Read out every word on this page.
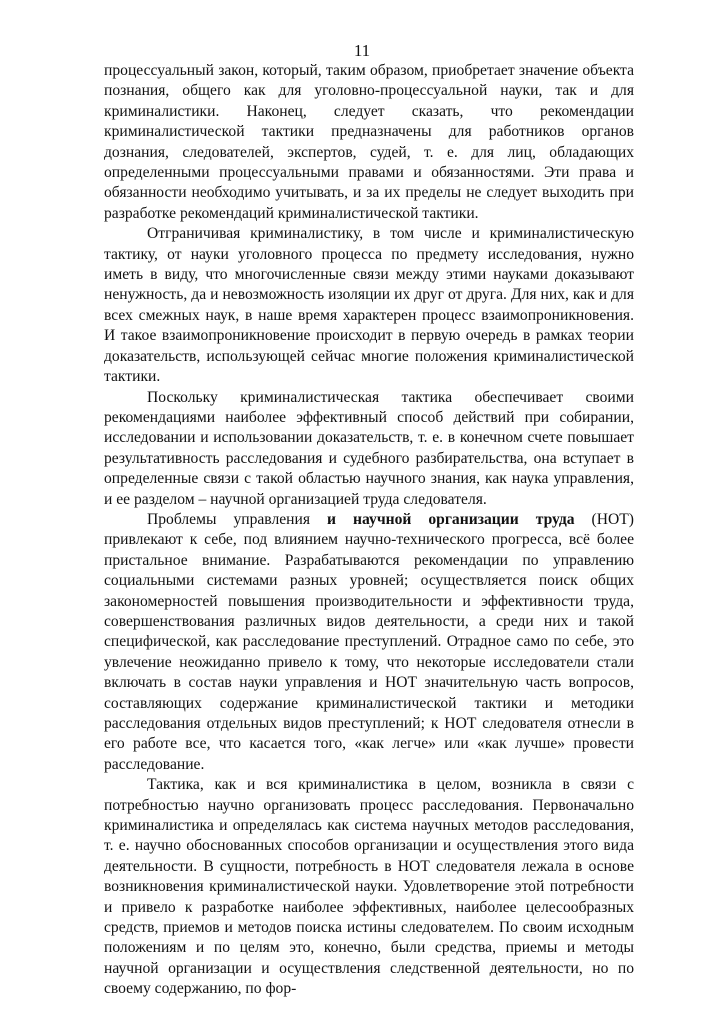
11

процессуальный закон, который, таким образом, приобретает значение объекта познания, общего как для уголовно-процессуальной науки, так и для криминалистики. Наконец, следует сказать, что рекомендации криминалистической тактики предназначены для работников органов дознания, следователей, экспертов, судей, т. е. для лиц, обладающих определенными процессуальными правами и обязанностями. Эти права и обязанности необходимо учитывать, и за их пределы не следует выходить при разработке рекомендаций криминалистической тактики.

Отграничивая криминалистику, в том числе и криминалистическую тактику, от науки уголовного процесса по предмету исследования, нужно иметь в виду, что многочисленные связи между этими науками доказывают ненужность, да и невозможность изоляции их друг от друга. Для них, как и для всех смежных наук, в наше время характерен процесс взаимопроникновения. И такое взаимопроникновение происходит в первую очередь в рамках теории доказательств, использующей сейчас многие положения криминалистической тактики.

Поскольку криминалистическая тактика обеспечивает своими рекомендациями наиболее эффективный способ действий при собирании, исследовании и использовании доказательств, т. е. в конечном счете повышает результативность расследования и судебного разбирательства, она вступает в определенные связи с такой областью научного знания, как наука управления, и ее разделом – научной организацией труда следователя.

Проблемы управления и научной организации труда (НОТ) привлекают к себе, под влиянием научно-технического прогресса, всё более пристальное внимание. Разрабатываются рекомендации по управлению социальными системами разных уровней; осуществляется поиск общих закономерностей повышения производительности и эффективности труда, совершенствования различных видов деятельности, а среди них и такой специфической, как расследование преступлений. Отрадное само по себе, это увлечение неожиданно привело к тому, что некоторые исследователи стали включать в состав науки управления и НОТ значительную часть вопросов, составляющих содержание криминалистической тактики и методики расследования отдельных видов преступлений; к НОТ следователя отнесли в его работе все, что касается того, «как легче» или «как лучше» провести расследование.

Тактика, как и вся криминалистика в целом, возникла в связи с потребностью научно организовать процесс расследования. Первоначально криминалистика и определялась как система научных методов расследования, т. е. научно обоснованных способов организации и осуществления этого вида деятельности. В сущности, потребность в НОТ следователя лежала в основе возникновения криминалистической науки. Удовлетворение этой потребности и привело к разработке наиболее эффективных, наиболее целесообразных средств, приемов и методов поиска истины следователем. По своим исходным положениям и по целям это, конечно, были средства, приемы и методы научной организации и осуществления следственной деятельности, но по своему содержанию, по фор-
